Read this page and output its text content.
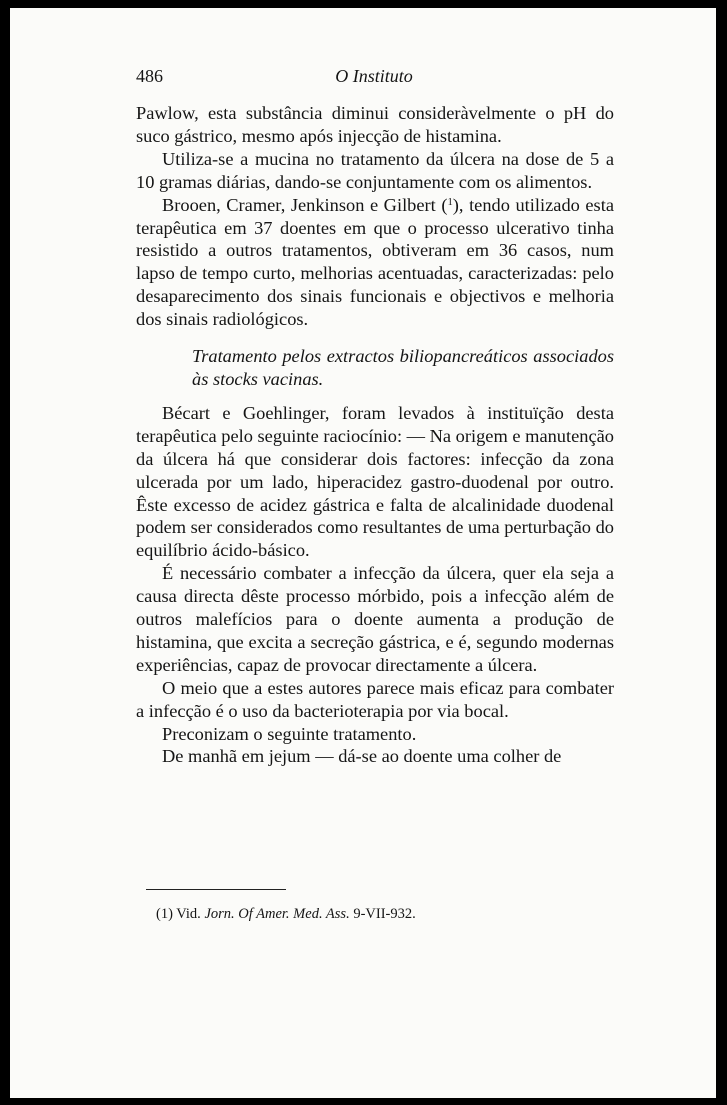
486	O Instituto

Pawlow, esta substância diminui consideràvelmente o pH do suco gástrico, mesmo após injecção de histamina.

Utiliza-se a mucina no tratamento da úlcera na dose de 5 a 10 gramas diárias, dando-se conjuntamente com os alimentos.

Brooen, Cramer, Jenkinson e Gilbert ($^1$), tendo utilizado esta terapêutica em 37 doentes em que o processo ulcerativo tinha resistido a outros tratamentos, obtiveram em 36 casos, num lapso de tempo curto, melhorias acentuadas, caracterizadas: pelo desaparecimento dos sinais funcionais e objectivos e melhoria dos sinais radiológicos.

Tratamento pelos extractos biliopancreáticos associados às stocks vacinas.

Bécart e Goehlinger, foram levados à instituïção desta terapêutica pelo seguinte raciocínio: — Na origem e manutenção da úlcera há que considerar dois factores: infecção da zona ulcerada por um lado, hiperacidez gastro-duodenal por outro. Êste excesso de acidez gástrica e falta de alcalinidade duodenal podem ser considerados como resultantes de uma perturbação do equilíbrio ácido-básico.

É necessário combater a infecção da úlcera, quer ela seja a causa directa dêste processo mórbido, pois a infecção além de outros malefícios para o doente aumenta a produção de histamina, que excita a secreção gástrica, e é, segundo modernas experiências, capaz de provocar directamente a úlcera.

O meio que a estes autores parece mais eficaz para combater a infecção é o uso da bacterioterapia por via bocal.

Preconizam o seguinte tratamento.

De manhã em jejum — dá-se ao doente uma colher de

(1) Vid. Jorn. Of Amer. Med. Ass. 9-VII-932.
